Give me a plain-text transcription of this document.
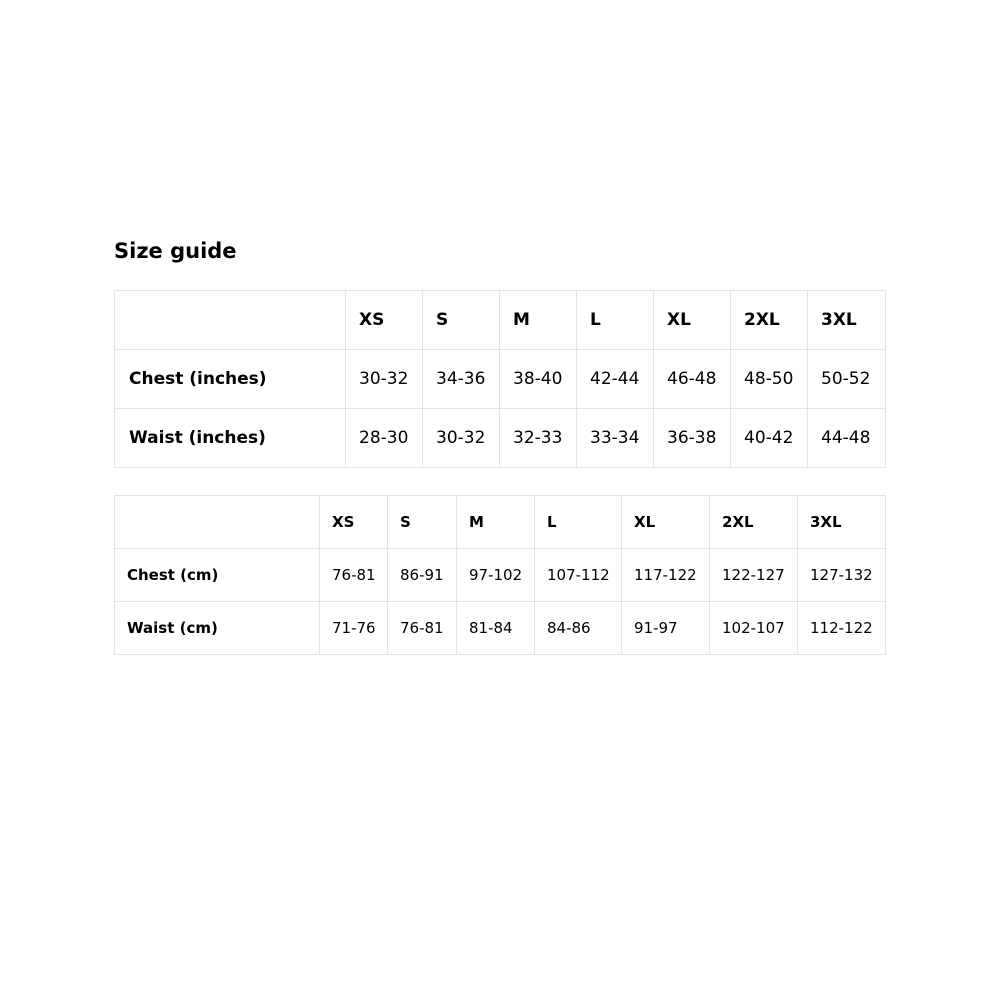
Size guide
	XS	S	M	L	XL	2XL	3XL
Chest (inches)	30-32	34-36	38-40	42-44	46-48	48-50	50-52
Waist (inches)	28-30	30-32	32-33	33-34	36-38	40-42	44-48
	XS	S	M	L	XL	2XL	3XL
Chest (cm)	76-81	86-91	97-102	107-112	117-122	122-127	127-132
Waist (cm)	71-76	76-81	81-84	84-86	91-97	102-107	112-122
